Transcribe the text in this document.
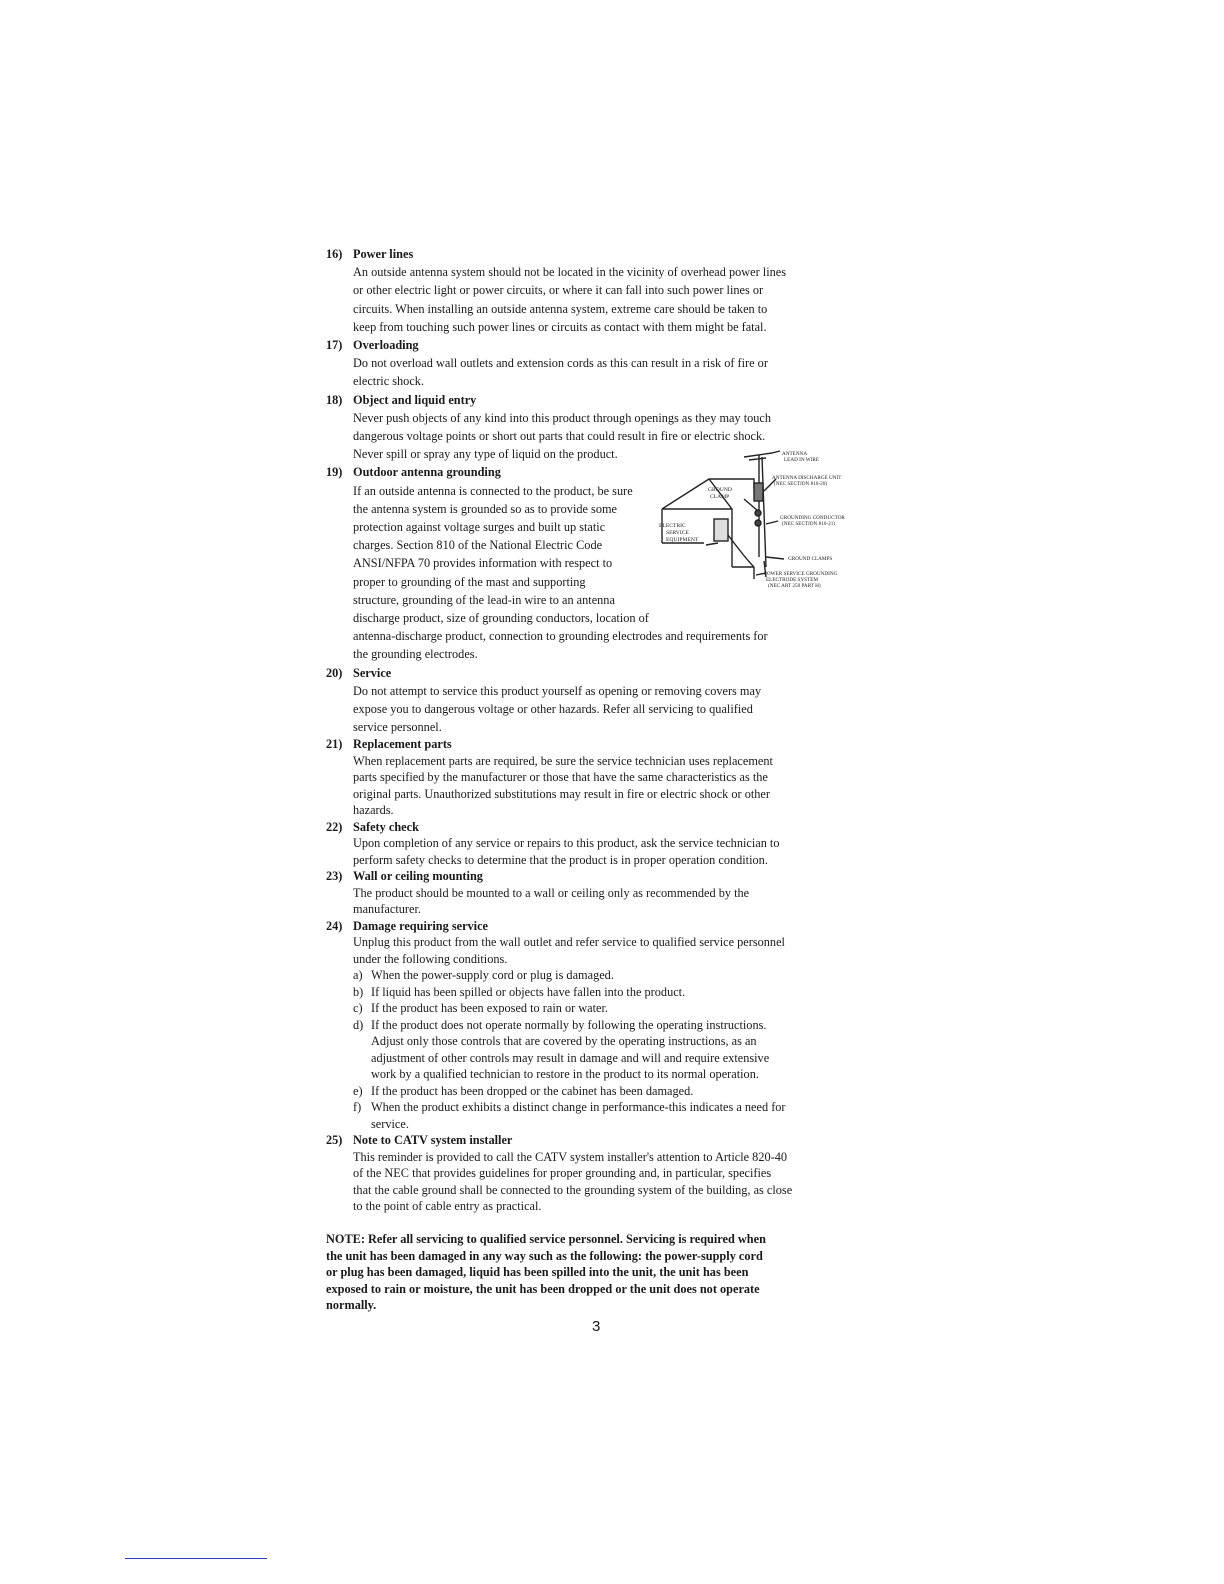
16) Power lines
An outside antenna system should not be located in the vicinity of overhead power lines
or other electric light or power circuits, or where it can fall into such power lines or
circuits. When installing an outside antenna system, extreme care should be taken to
keep from touching such power lines or circuits as contact with them might be fatal.
17) Overloading
Do not overload wall outlets and extension cords as this can result in a risk of fire or
electric shock.
18) Object and liquid entry
Never push objects of any kind into this product through openings as they may touch
dangerous voltage points or short out parts that could result in fire or electric shock.
Never spill or spray any type of liquid on the product.
19) Outdoor antenna grounding
ANTENNA
LEAD IN WIRE
ANTENNA DISCHARGE UNIT
(NEC SECTION 810-20)
GROUND
CLAMP
ELECTRIC
SERVICE
EQUIPMENT
GROUNDING CONDUCTOR
(NEC SECTION 810-21)
GROUND CLAMPS
POWER SERVICE GROUNDING
ELECTRODE SYSTEM
(NEC ART 250 PART H)
If an outside antenna is connected to the product, be sure
the antenna system is grounded so as to provide some
protection against voltage surges and built up static
charges. Section 810 of the National Electric Code
ANSI/NFPA 70 provides information with respect to
proper to grounding of the mast and supporting
structure, grounding of the lead-in wire to an antenna
discharge product, size of grounding conductors, location of
antenna-discharge product, connection to grounding electrodes and requirements for
the grounding electrodes.
20) Service
Do not attempt to service this product yourself as opening or removing covers may
expose you to dangerous voltage or other hazards. Refer all servicing to qualified
service personnel.
21) Replacement parts
When replacement parts are required, be sure the service technician uses replacement
parts specified by the manufacturer or those that have the same characteristics as the
original parts. Unauthorized substitutions may result in fire or electric shock or other
hazards.
22) Safety check
Upon completion of any service or repairs to this product, ask the service technician to
perform safety checks to determine that the product is in proper operation condition.
23) Wall or ceiling mounting
The product should be mounted to a wall or ceiling only as recommended by the
manufacturer.
24) Damage requiring service
Unplug this product from the wall outlet and refer service to qualified service personnel
under the following conditions.
a) When the power-supply cord or plug is damaged.
b) If liquid has been spilled or objects have fallen into the product.
c) If the product has been exposed to rain or water.
d) If the product does not operate normally by following the operating instructions.
Adjust only those controls that are covered by the operating instructions, as an
adjustment of other controls may result in damage and will and require extensive
work by a qualified technician to restore in the product to its normal operation.
e) If the product has been dropped or the cabinet has been damaged.
f) When the product exhibits a distinct change in performance-this indicates a need for
service.
25) Note to CATV system installer
This reminder is provided to call the CATV system installer's attention to Article 820-40
of the NEC that provides guidelines for proper grounding and, in particular, specifies
that the cable ground shall be connected to the grounding system of the building, as close
to the point of cable entry as practical.
NOTE: Refer all servicing to qualified service personnel. Servicing is required when
the unit has been damaged in any way such as the following: the power-supply cord
or plug has been damaged, liquid has been spilled into the unit, the unit has been
exposed to rain or moisture, the unit has been dropped or the unit does not operate
normally.
3
